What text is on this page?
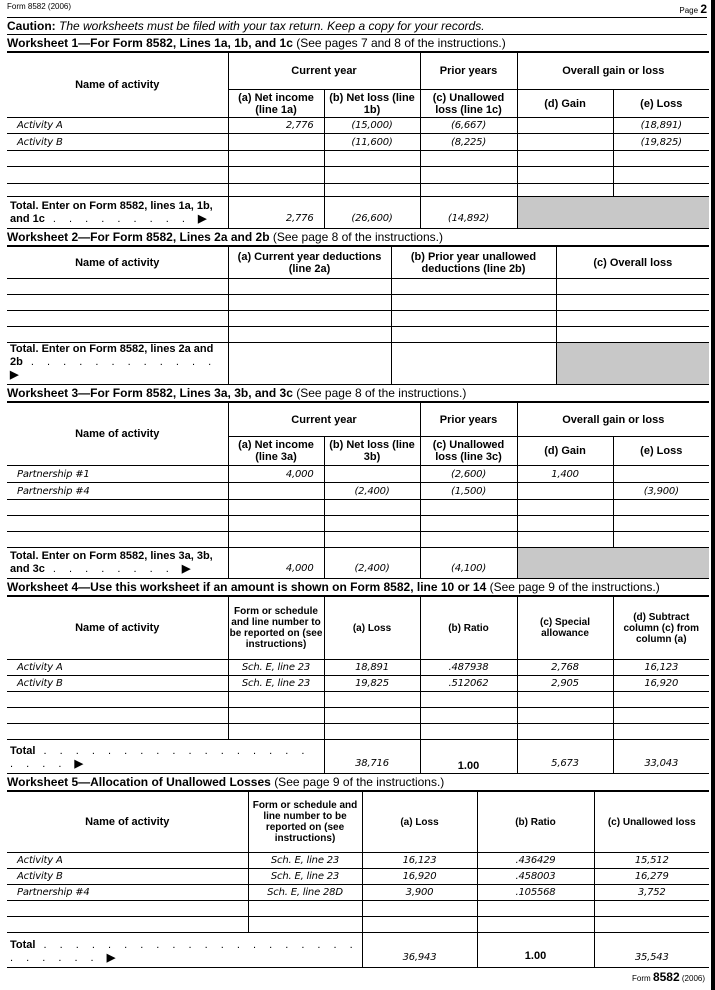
Form 8582 (2006)	Page 2
Caution: The worksheets must be filed with your tax return. Keep a copy for your records.
Worksheet 1—For Form 8582, Lines 1a, 1b, and 1c (See pages 7 and 8 of the instructions.)
Name of activity	Current year		Prior years	Overall gain or loss	
	(a) Net income (line 1a)	(b) Net loss (line 1b)	(c) Unallowed loss (line 1c)	(d) Gain	(e) Loss
Activity A	2,776	(15,000)	(6,667)		(18,891)
Activity B		(11,600)	(8,225)		(19,825)

Total. Enter on Form 8582, lines 1a, 1b, and 1c . . . . . . . . . ▶	2,776	(26,600)	(14,892)		
Worksheet 2—For Form 8582, Lines 2a and 2b (See page 8 of the instructions.)
Name of activity	(a) Current year deductions (line 2a)	(b) Prior year unallowed deductions (line 2b)	(c) Overall loss

Total. Enter on Form 8582, lines 2a and 2b . . . . . . . . . . . . ▶			
Worksheet 3—For Form 8582, Lines 3a, 3b, and 3c (See page 8 of the instructions.)
Name of activity	Current year		Prior years	Overall gain or loss	
	(a) Net income (line 3a)	(b) Net loss (line 3b)	(c) Unallowed loss (line 3c)	(d) Gain	(e) Loss
Partnership #1	4,000		(2,600)	1,400	
Partnership #4		(2,400)	(1,500)		(3,900)

Total. Enter on Form 8582, lines 3a, 3b, and 3c . . . . . . . . ▶	4,000	(2,400)	(4,100)		
Worksheet 4—Use this worksheet if an amount is shown on Form 8582, line 10 or 14 (See page 9 of the instructions.)
Name of activity	Form or schedule and line number to be reported on (see instructions)	(a) Loss	(b) Ratio	(c) Special allowance	(d) Subtract column (c) from column (a)
Activity A	Sch. E, line 23	18,891	.487938	2,768	16,123
Activity B	Sch. E, line 23	19,825	.512062	2,905	16,920

Total . . . . . . . . . . . . . . . . . . . . . ▶		38,716	1.00	5,673	33,043
Worksheet 5—Allocation of Unallowed Losses (See page 9 of the instructions.)
Name of activity	Form or schedule and line number to be reported on (see instructions)	(a) Loss	(b) Ratio	(c) Unallowed loss
Activity A	Sch. E, line 23	16,123	.436429	15,512
Activity B	Sch. E, line 23	16,920	.458003	16,279
Partnership #4	Sch. E, line 28D	3,900	.105568	3,752

Total . . . . . . . . . . . . . . . . . . . . . . . . . . ▶		36,943	1.00	35,543
Form 8582 (2006)
